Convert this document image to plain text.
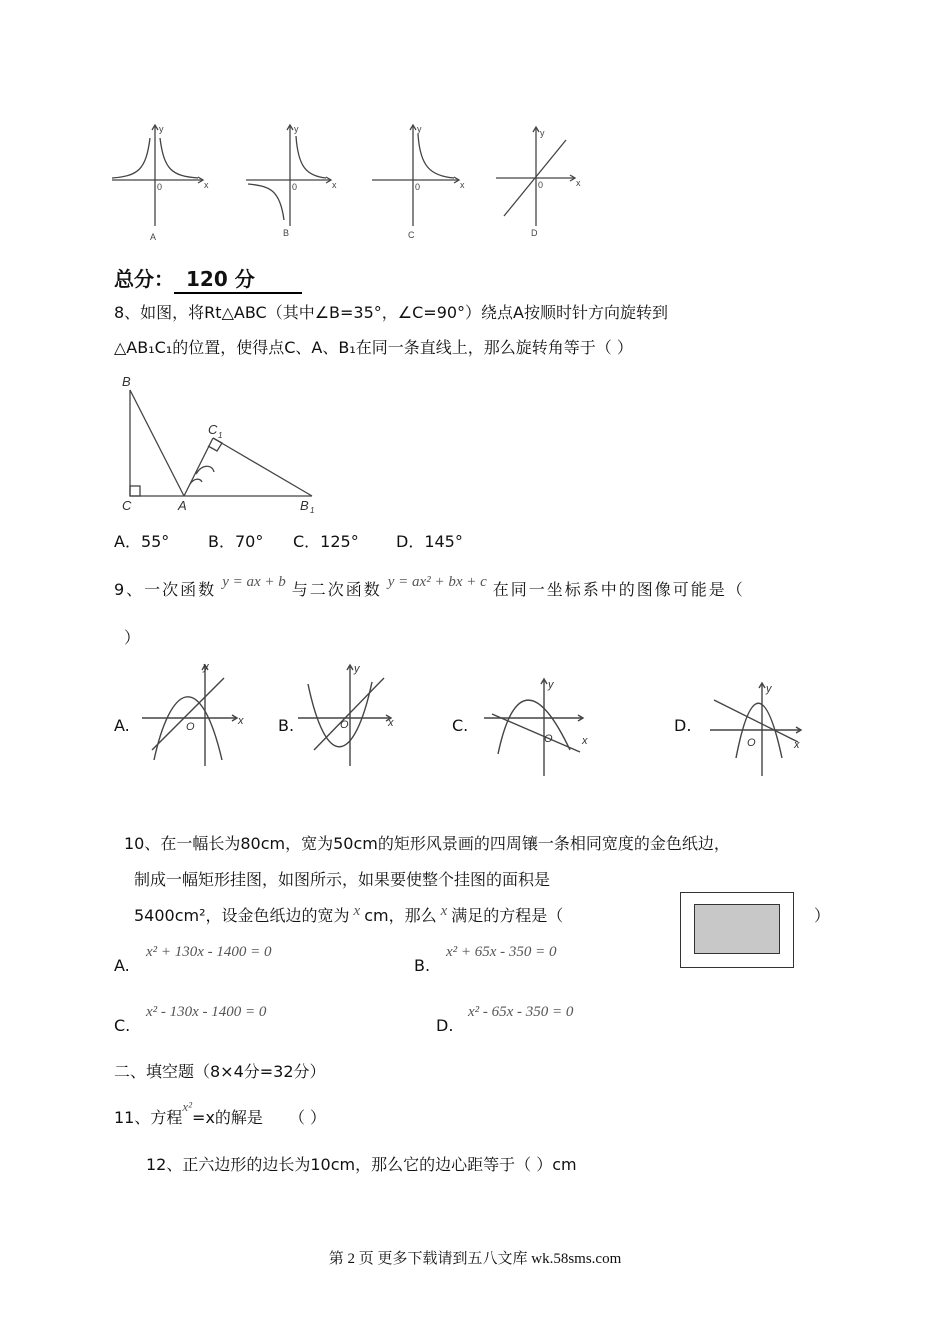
y
x
0
A
y
x
0
B
y
x
0
C
y
x
0
D
总分： 120 分
8、如图，将Rt△ABC（其中∠B=35°，∠C=90°）绕点A按顺时针方向旋转到
△AB₁C₁的位置，使得点C、A、B₁在同一条直线上，那么旋转角等于（ ）
B
C	A
C 1
B 1
A．55° B．70° C．125° D．145°
9、一次函数 y = ax + b 与二次函数 y = ax² + bx + c 在同一坐标系中的图像可能是（
）
A.	B.	C.	D.
y
x
O
y
x
O
y
x
O
y
x
O
10、在一幅长为80cm，宽为50cm的矩形风景画的四周镶一条相同宽度的金色纸边，
制成一幅矩形挂图，如图所示，如果要使整个挂图的面积是
5400cm²，设金色纸边的宽为 x cm，那么 x 满足的方程是（	）
A.
x² + 130x - 1400 = 0
B.
x² + 65x - 350 = 0
C.
x² - 130x - 1400 = 0
D.
x² - 65x - 350 = 0
二、填空题（8×4分=32分）
11、方程$^{x^2}$=x的解是 （ ）
12、正六边形的边长为10cm，那么它的边心距等于（ ）cm
第 2 页 更多下载请到五八文库 wk.58sms.com
